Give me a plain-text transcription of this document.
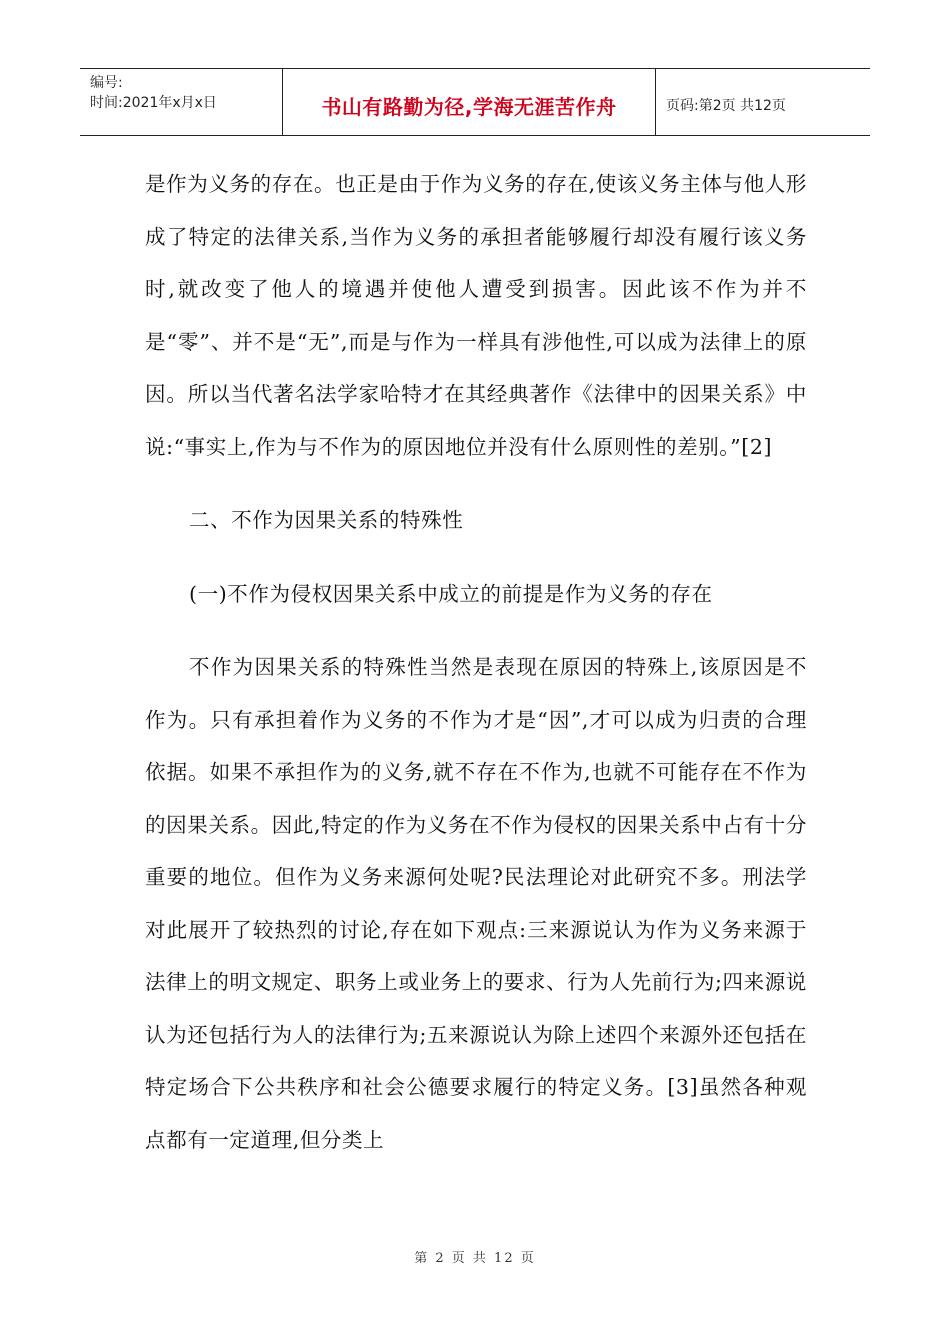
编号:
时间:2021年x月x日	书山有路勤为径,学海无涯苦作舟	页码:第2页 共12页

是作为义务的存在。也正是由于作为义务的存在,使该义务主体与他人形成了特定的法律关系,当作为义务的承担者能够履行却没有履行该义务时,就改变了他人的境遇并使他人遭受到损害。因此该不作为并不是“零”、并不是“无”,而是与作为一样具有涉他性,可以成为法律上的原因。所以当代著名法学家哈特才在其经典著作《法律中的因果关系》中说:“事实上,作为与不作为的原因地位并没有什么原则性的差别。”[2]

二、不作为因果关系的特殊性

(一)不作为侵权因果关系中成立的前提是作为义务的存在

不作为因果关系的特殊性当然是表现在原因的特殊上,该原因是不作为。只有承担着作为义务的不作为才是“因”,才可以成为归责的合理依据。如果不承担作为的义务,就不存在不作为,也就不可能存在不作为的因果关系。因此,特定的作为义务在不作为侵权的因果关系中占有十分重要的地位。但作为义务来源何处呢?民法理论对此研究不多。刑法学对此展开了较热烈的讨论,存在如下观点:三来源说认为作为义务来源于法律上的明文规定、职务上或业务上的要求、行为人先前行为;四来源说认为还包括行为人的法律行为;五来源说认为除上述四个来源外还包括在特定场合下公共秩序和社会公德要求履行的特定义务。[3]虽然各种观点都有一定道理,但分类上

第 2 页 共 12 页
